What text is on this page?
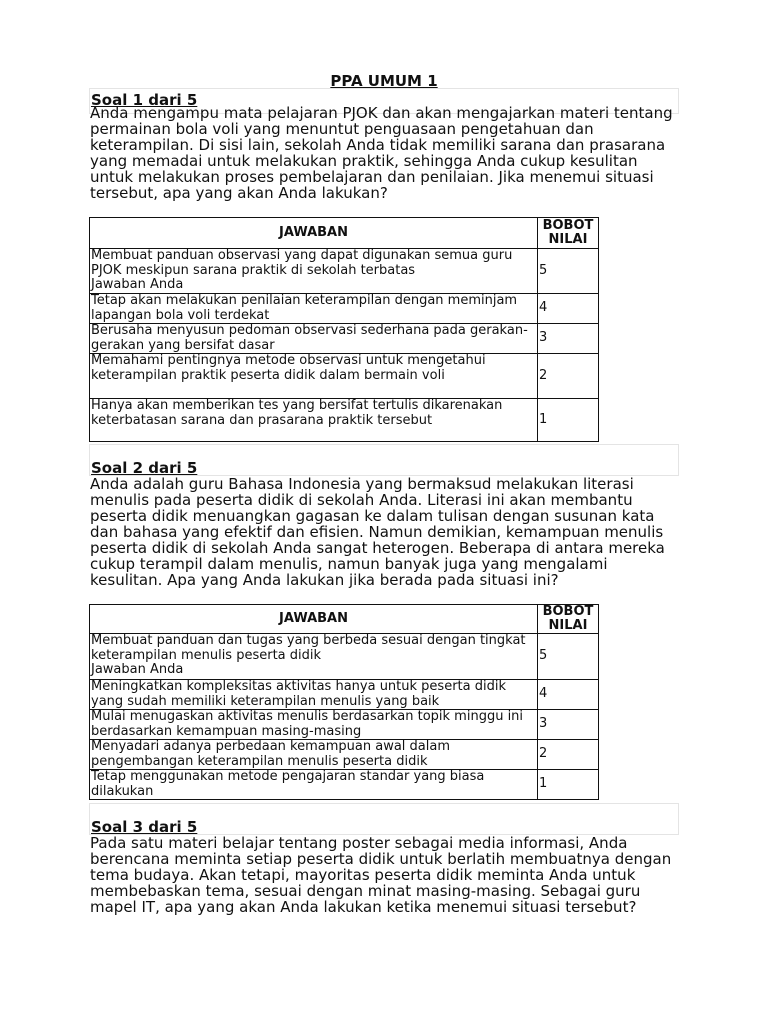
PPA UMUM 1
Soal 1 dari 5

Anda mengampu mata pelajaran PJOK dan akan mengajarkan materi tentang permainan bola voli yang menuntut penguasaan pengetahuan dan keterampilan. Di sisi lain, sekolah Anda tidak memiliki sarana dan prasarana yang memadai untuk melakukan praktik, sehingga Anda cukup kesulitan untuk melakukan proses pembelajaran dan penilaian. Jika menemui situasi tersebut, apa yang akan Anda lakukan?

JAWABAN	BOBOT NILAI

Membuat panduan observasi yang dapat digunakan semua guru PJOK meskipun sarana praktik di sekolah terbatas
Jawaban Anda	5

Tetap akan melakukan penilaian keterampilan dengan meminjam lapangan bola voli terdekat	4
Berusaha menyusun pedoman observasi sederhana pada gerakan-gerakan yang bersifat dasar	3
Memahami pentingnya metode observasi untuk mengetahui keterampilan praktik peserta didik dalam bermain voli	2
Hanya akan memberikan tes yang bersifat tertulis dikarenakan keterbatasan sarana dan prasarana praktik tersebut	1
Soal 2 dari 5

Anda adalah guru Bahasa Indonesia yang bermaksud melakukan literasi menulis pada peserta didik di sekolah Anda. Literasi ini akan membantu peserta didik menuangkan gagasan ke dalam tulisan dengan susunan kata dan bahasa yang efektif dan efisien. Namun demikian, kemampuan menulis peserta didik di sekolah Anda sangat heterogen. Beberapa di antara mereka cukup terampil dalam menulis, namun banyak juga yang mengalami kesulitan. Apa yang Anda lakukan jika berada pada situasi ini?

JAWABAN	BOBOT NILAI

Membuat panduan dan tugas yang berbeda sesuai dengan tingkat keterampilan menulis peserta didik
Jawaban Anda	5
Meningkatkan kompleksitas aktivitas hanya untuk peserta didik yang sudah memiliki keterampilan menulis yang baik	4
Mulai menugaskan aktivitas menulis berdasarkan topik minggu ini berdasarkan kemampuan masing-masing	3
Menyadari adanya perbedaan kemampuan awal dalam pengembangan keterampilan menulis peserta didik	2
Tetap menggunakan metode pengajaran standar yang biasa dilakukan	1
Soal 3 dari 5

Pada satu materi belajar tentang poster sebagai media informasi, Anda berencana meminta setiap peserta didik untuk berlatih membuatnya dengan tema budaya. Akan tetapi, mayoritas peserta didik meminta Anda untuk membebaskan tema, sesuai dengan minat masing-masing. Sebagai guru mapel IT, apa yang akan Anda lakukan ketika menemui situasi tersebut?
